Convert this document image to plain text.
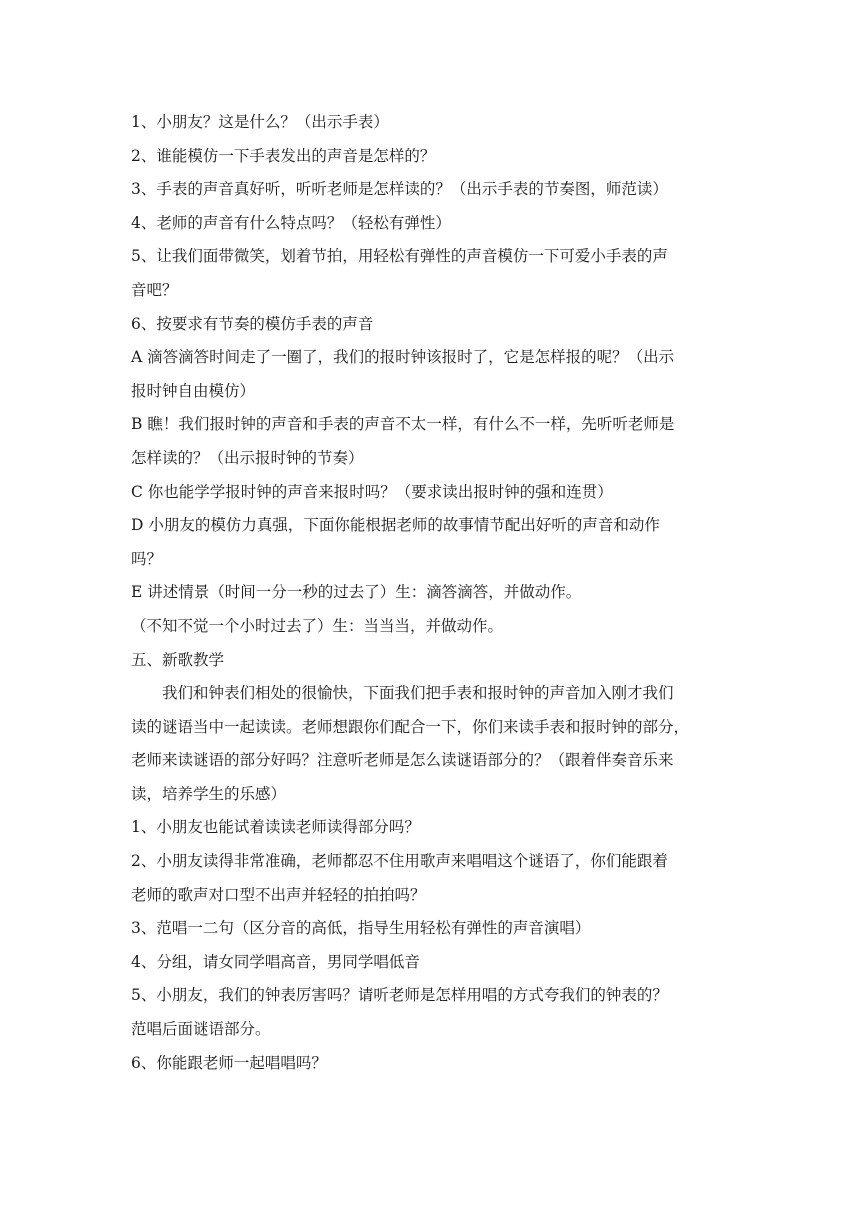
1、小朋友？这是什么？（出示手表）
2、谁能模仿一下手表发出的声音是怎样的？
3、手表的声音真好听，听听老师是怎样读的？（出示手表的节奏图，师范读）
4、老师的声音有什么特点吗？（轻松有弹性）
5、让我们面带微笑，划着节拍，用轻松有弹性的声音模仿一下可爱小手表的声
音吧？
6、按要求有节奏的模仿手表的声音
A 滴答滴答时间走了一圈了，我们的报时钟该报时了，它是怎样报的呢？（出示
报时钟自由模仿）
B 瞧！我们报时钟的声音和手表的声音不太一样，有什么不一样，先听听老师是
怎样读的？（出示报时钟的节奏）
C 你也能学学报时钟的声音来报时吗？（要求读出报时钟的强和连贯）
D 小朋友的模仿力真强，下面你能根据老师的故事情节配出好听的声音和动作
吗？
E 讲述情景（时间一分一秒的过去了）生：滴答滴答，并做动作。
（不知不觉一个小时过去了）生：当当当，并做动作。
五、新歌教学
我们和钟表们相处的很愉快，下面我们把手表和报时钟的声音加入刚才我们
读的谜语当中一起读读。老师想跟你们配合一下，你们来读手表和报时钟的部分，
老师来读谜语的部分好吗？注意听老师是怎么读谜语部分的？（跟着伴奏音乐来
读，培养学生的乐感）
1、小朋友也能试着读读老师读得部分吗？
2、小朋友读得非常准确，老师都忍不住用歌声来唱唱这个谜语了，你们能跟着
老师的歌声对口型不出声并轻轻的拍拍吗？
3、范唱一二句（区分音的高低，指导生用轻松有弹性的声音演唱）
4、分组，请女同学唱高音，男同学唱低音
5、小朋友，我们的钟表厉害吗？请听老师是怎样用唱的方式夸我们的钟表的？
范唱后面谜语部分。
6、你能跟老师一起唱唱吗？
